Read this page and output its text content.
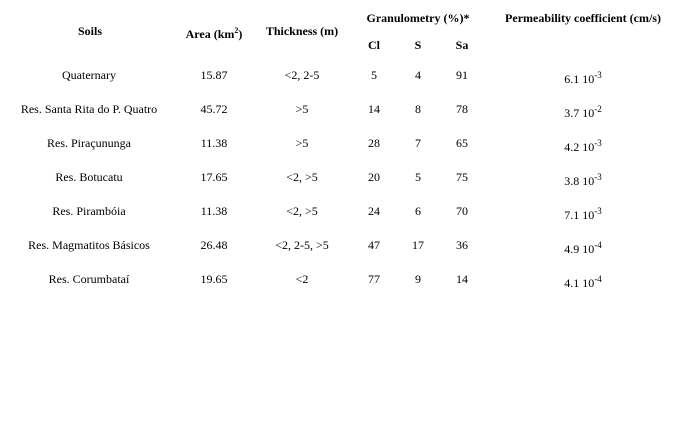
Soils	Area $(km^2)$	Thickness (m)
Granulometry (%)*	Permeability coefficient (cm/s)
Cl	S	Sa
Quaternary	15.87	<2, 2-5	5	4	91	6.1 $10^{-3}$
Res. Santa Rita do P. Quatro	45.72	>5	14	8	78	3.7 $10^{-2}$
Res. Piraçununga	11.38	>5	28	7	65	4.2 $10^{-3}$
Res. Botucatu	17.65	<2, >5	20	5	75	3.8 $10^{-3}$
Res. Pirambóia	11.38	<2, >5	24	6	70	7.1 $10^{-3}$
Res. Magmatitos Básicos	26.48	<2, 2-5, >5	47	17	36	4.9 $10^{-4}$
Res. Corumbataí	19.65	<2	77	9	14	4.1 $10^{-4}$
